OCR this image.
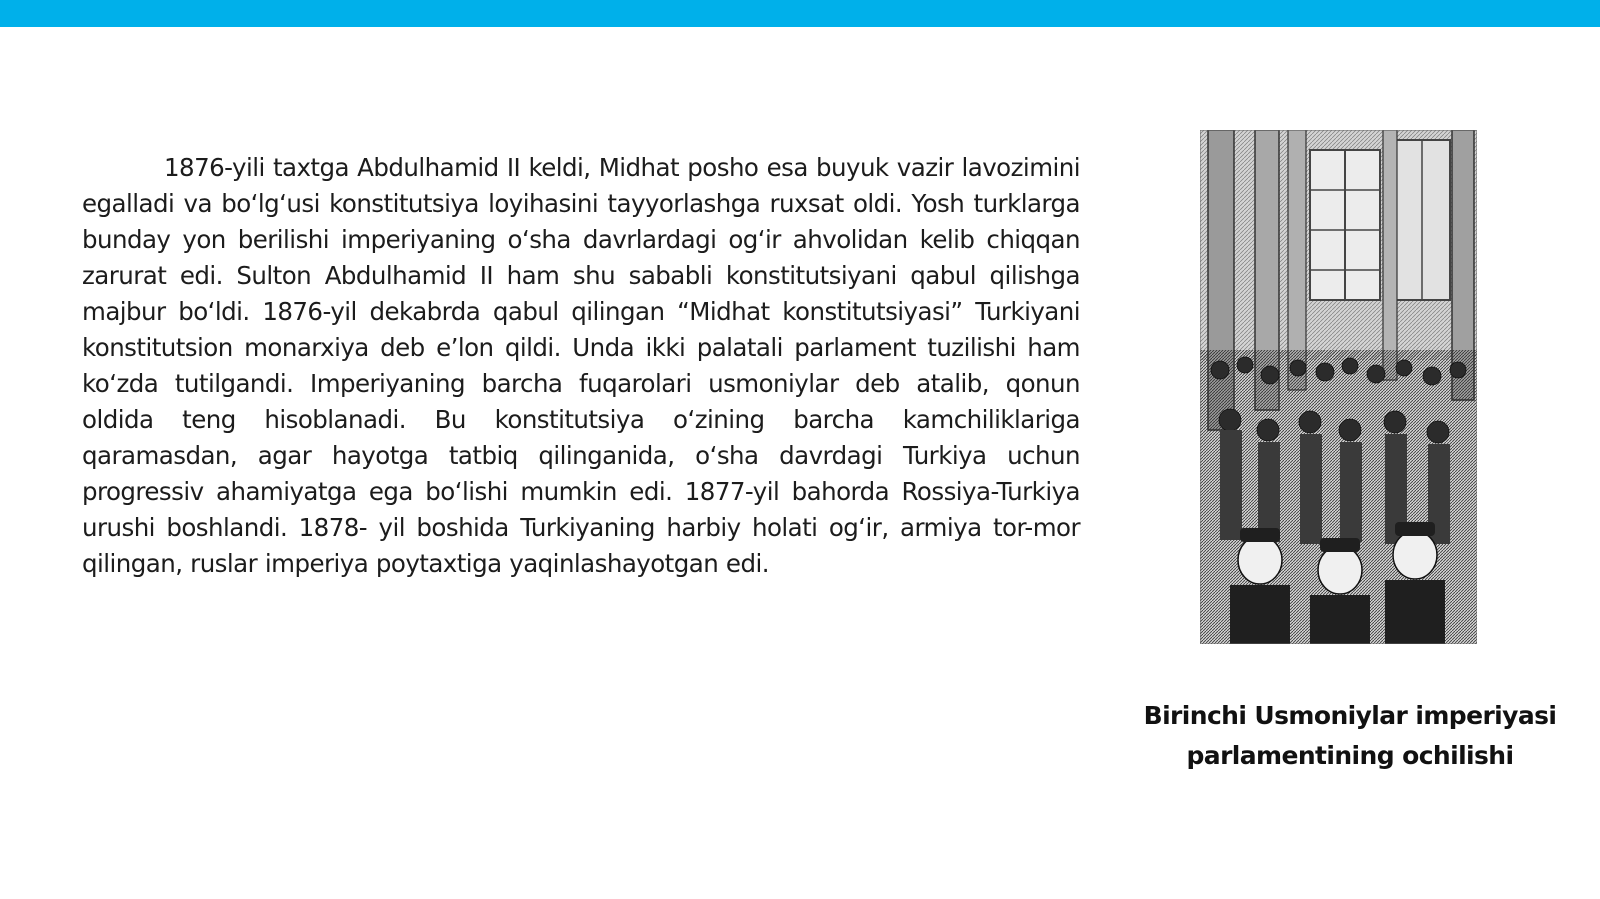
1876-yili taxtga Abdulhamid II keldi, Midhat posho esa buyuk vazir lavozimini egalladi va bo‘lg‘usi konstitutsiya loyihasini tayyorlashga ruxsat oldi. Yosh turklarga bunday yon berilishi imperiyaning o‘sha davrlardagi og‘ir ahvolidan kelib chiqqan zarurat edi. Sulton Abdulhamid II ham shu sababli konstitutsiyani qabul qilishga majbur bo‘ldi. 1876-yil dekabrda qabul qilingan “Midhat konstitutsiyasi” Turkiyani konstitutsion monarxiya deb e’lon qildi. Unda ikki palatali parlament tuzilishi ham ko‘zda tutilgandi. Imperiyaning barcha fuqarolari usmoniylar deb atalib, qonun oldida teng hisoblanadi. Bu konstitutsiya o‘zining barcha kamchiliklariga qaramasdan, agar hayotga tatbiq qilinganida, o‘sha davrdagi Turkiya uchun progressiv ahamiyatga ega bo‘lishi mumkin edi. 1877-yil bahorda Rossiya-Turkiya urushi boshlandi. 1878- yil boshida Turkiyaning harbiy holati og‘ir, armiya tor-mor qilingan, ruslar imperiya poytaxtiga yaqinlashayotgan edi.

Birinchi Usmoniylar imperiyasi
parlamentining ochilishi
